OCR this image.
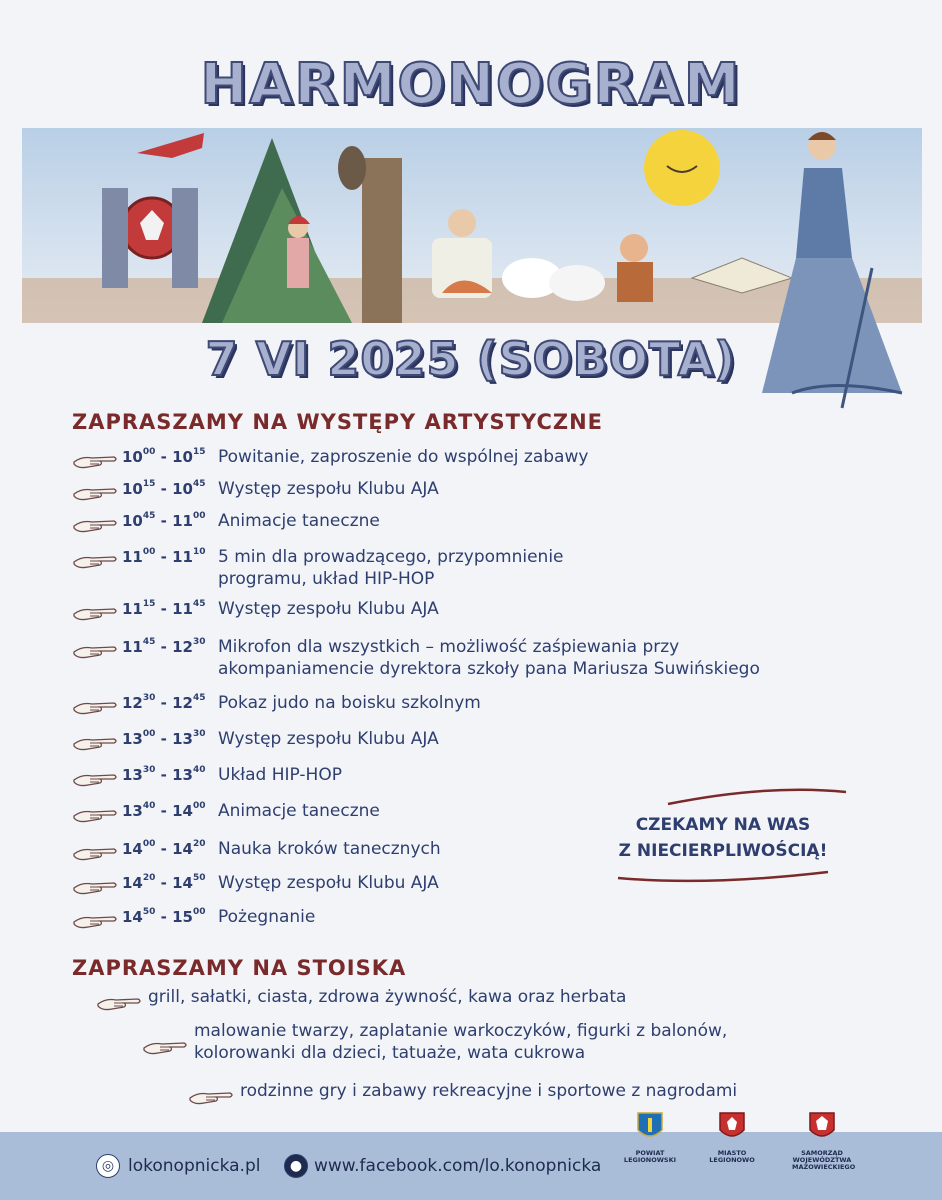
HARMONOGRAM
7 VI 2025 (SOBOTA)
ZAPRASZAMY NA WYSTĘPY ARTYSTYCZNE
$10^{00} - 10^{15}$ Powitanie, zaproszenie do wspólnej zabawy
$10^{15} - 10^{45}$ Występ zespołu Klubu AJA
$10^{45} - 11^{00}$ Animacje taneczne
$11^{00} - 11^{10}$ 5 min dla prowadzącego, przypomnienie
programu, układ HIP-HOP
$11^{15} - 11^{45}$ Występ zespołu Klubu AJA
$11^{45} - 12^{30}$ Mikrofon dla wszystkich – możliwość zaśpiewania przy
akompaniamencie dyrektora szkoły pana Mariusza Suwińskiego
$12^{30} - 12^{45}$ Pokaz judo na boisku szkolnym
$13^{00} - 13^{30}$ Występ zespołu Klubu AJA
$13^{30} - 13^{40}$ Układ HIP-HOP
$13^{40} - 14^{00}$ Animacje taneczne
$14^{00} - 14^{20}$ Nauka kroków tanecznych
$14^{20} - 14^{50}$ Występ zespołu Klubu AJA
$14^{50} - 15^{00}$ Pożegnanie
CZEKAMY NA WAS
Z NIECIERPLIWOŚCIĄ!
ZAPRASZAMY NA STOISKA
grill, sałatki, ciasta, zdrowa żywność, kawa oraz herbata
malowanie twarzy, zaplatanie warkoczyków, figurki z balonów,
kolorowanki dla dzieci, tatuaże, wata cukrowa
rodzinne gry i zabawy rekreacyjne i sportowe z nagrodami
◎ lokonopnicka.pl	● www.facebook.com/lo.konopnicka
POWIAT
LEGIONOWSKI
MIASTO
LEGIONOWO
SAMORZĄD
WOJEWÓDZTWA
MAZOWIECKIEGO
